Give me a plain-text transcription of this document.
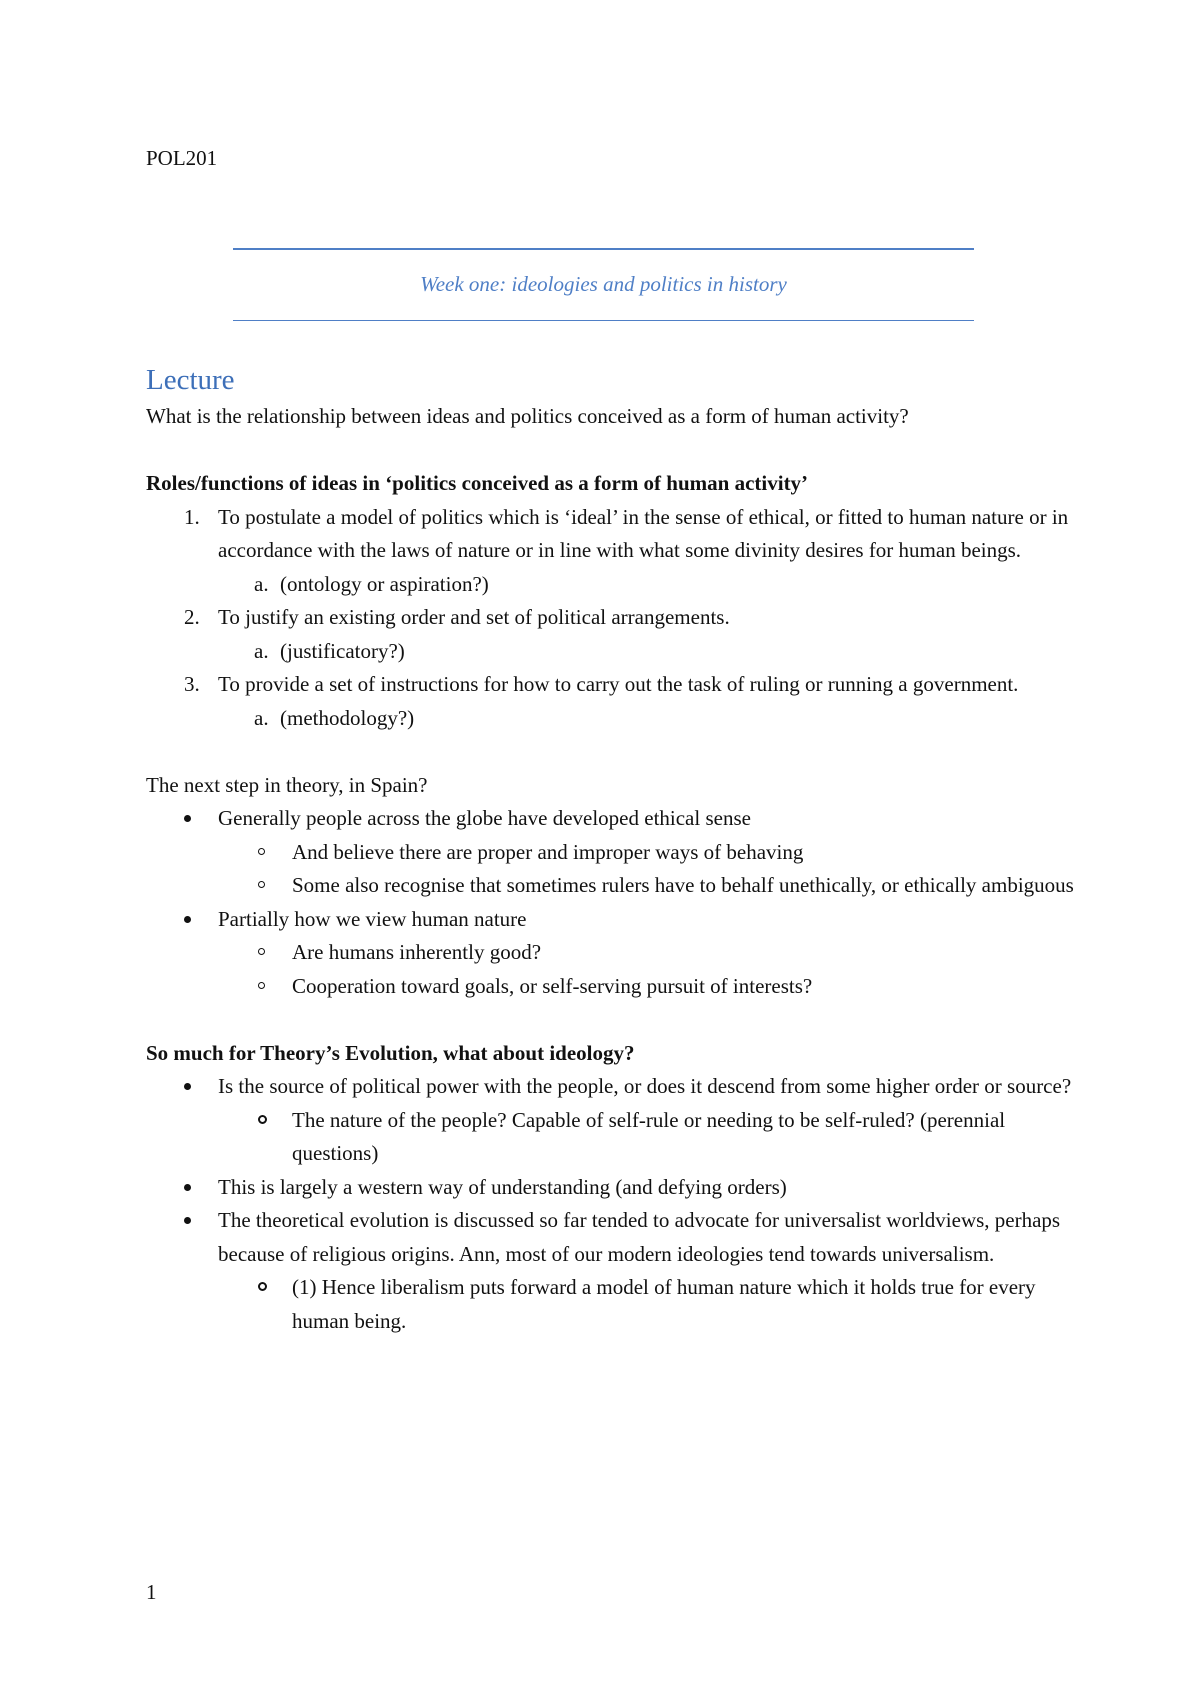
POL201
Week one: ideologies and politics in history
Lecture

What is the relationship between ideas and politics conceived as a form of human activity?

Roles/functions of ideas in ‘politics conceived as a form of human activity’

1. To postulate a model of politics which is ‘ideal’ in the sense of ethical, or fitted to human nature or in accordance with the laws of nature or in line with what some divinity desires for human beings.
a. (ontology or aspiration?)
2. To justify an existing order and set of political arrangements.
a. (justificatory?)
3. To provide a set of instructions for how to carry out the task of ruling or running a government.
a. (methodology?)

The next step in theory, in Spain?

Generally people across the globe have developed ethical sense
And believe there are proper and improper ways of behaving
Some also recognise that sometimes rulers have to behalf unethically, or ethically ambiguous
Partially how we view human nature
Are humans inherently good?
Cooperation toward goals, or self-serving pursuit of interests?

So much for Theory’s Evolution, what about ideology?

Is the source of political power with the people, or does it descend from some higher order or source?
The nature of the people? Capable of self-rule or needing to be self-ruled? (perennial questions)
This is largely a western way of understanding (and defying orders)
The theoretical evolution is discussed so far tended to advocate for universalist worldviews, perhaps because of religious origins. Ann, most of our modern ideologies tend towards universalism.
(1) Hence liberalism puts forward a model of human nature which it holds true for every human being.
1
